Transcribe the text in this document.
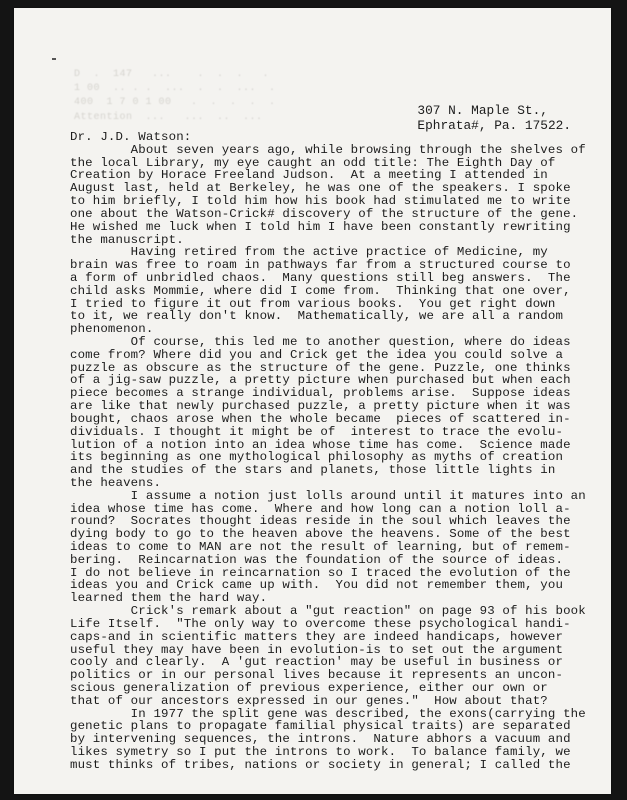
D  .  147   ...    .  .  .   .
1 00  .. . .  ...  .  .  ...  .
400  1 7 0 1 00   .  .  .  .  .
Attention  ...   ...  ..  ...	307 N. Maple St.,
Ephrata#, Pa. 17522.
Dr. J.D. Watson:
About seven years ago, while browsing through the shelves of
the local Library, my eye caught an odd title: The Eighth Day of
Creation by Horace Freeland Judson.  At a meeting I attended in
August last, held at Berkeley, he was one of the speakers. I spoke
to him briefly, I told him how his book had stimulated me to write
one about the Watson-Crick# discovery of the structure of the gene.
He wished me luck when I told him I have been constantly rewriting
the manuscript.
Having retired from the active practice of Medicine, my
brain was free to roam in pathways far from a structured course to
a form of unbridled chaos.  Many questions still beg answers.  The
child asks Mommie, where did I come from.  Thinking that one over,
I tried to figure it out from various books.  You get right down
to it, we really don't know.  Mathematically, we are all a random
phenomenon.
Of course, this led me to another question, where do ideas
come from? Where did you and Crick get the idea you could solve a
puzzle as obscure as the structure of the gene. Puzzle, one thinks
of a jig-saw puzzle, a pretty picture when purchased but when each
piece becomes a strange individual, problems arise.  Suppose ideas
are like that newly purchased puzzle, a pretty picture when it was
bought, chaos arose when the whole became  pieces of scattered in-
dividuals. I thought it might be of  interest to trace the evolu-
lution of a notion into an idea whose time has come.  Science made
its beginning as one mythological philosophy as myths of creation
and the studies of the stars and planets, those little lights in
the heavens.
I assume a notion just lolls around until it matures into an
idea whose time has come.  Where and how long can a notion loll a-
round?  Socrates thought ideas reside in the soul which leaves the
dying body to go to the heaven above the heavens. Some of the best
ideas to come to MAN are not the result of learning, but of remem-
bering.  Reincarnation was the foundation of the source of ideas.
I do not believe in reincarnation so I traced the evolution of the
ideas you and Crick came up with.  You did not remember them, you
learned them the hard way.
Crick's remark about a "gut reaction" on page 93 of his book
Life Itself.  "The only way to overcome these psychological handi-
caps-and in scientific matters they are indeed handicaps, however
useful they may have been in evolution-is to set out the argument
cooly and clearly.  A 'gut reaction' may be useful in business or
politics or in our personal lives because it represents an uncon-
scious generalization of previous experience, either our own or
that of our ancestors expressed in our genes."  How about that?
In 1977 the split gene was described, the exons(carrying the
genetic plans to propagate familial physical traits) are separated
by intervening sequences, the introns.  Nature abhors a vacuum and
likes symetry so I put the introns to work.  To balance family, we
must thinks of tribes, nations or society in general; I called the
